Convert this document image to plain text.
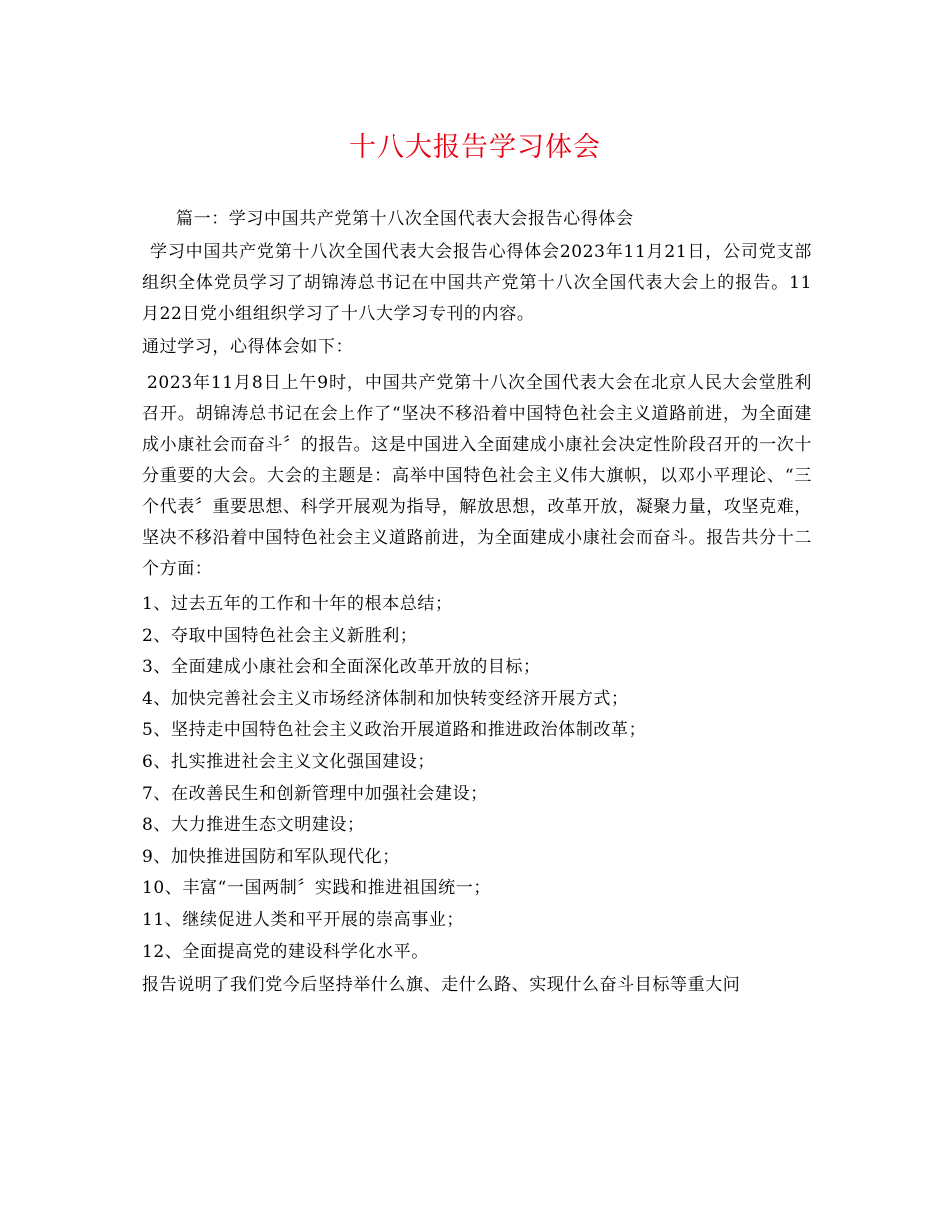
十八大报告学习体会

篇一：学习中国共产党第十八次全国代表大会报告心得体会

学习中国共产党第十八次全国代表大会报告心得体会2023年11月21日，公司党支部组织全体党员学习了胡锦涛总书记在中国共产党第十八次全国代表大会上的报告。11月22日党小组组织学习了十八大学习专刊的内容。

通过学习，心得体会如下：

2023年11月8日上午9时，中国共产党第十八次全国代表大会在北京人民大会堂胜利召开。胡锦涛总书记在会上作了“坚决不移沿着中国特色社会主义道路前进，为全面建成小康社会而奋斗〞的报告。这是中国进入全面建成小康社会决定性阶段召开的一次十分重要的大会。大会的主题是：高举中国特色社会主义伟大旗帜，以邓小平理论、“三个代表〞重要思想、科学开展观为指导，解放思想，改革开放，凝聚力量，攻坚克难，坚决不移沿着中国特色社会主义道路前进，为全面建成小康社会而奋斗。报告共分十二个方面：

1、过去五年的工作和十年的根本总结；
2、夺取中国特色社会主义新胜利；
3、全面建成小康社会和全面深化改革开放的目标；
4、加快完善社会主义市场经济体制和加快转变经济开展方式；
5、坚持走中国特色社会主义政治开展道路和推进政治体制改革；
6、扎实推进社会主义文化强国建设；
7、在改善民生和创新管理中加强社会建设；
8、大力推进生态文明建设；
9、加快推进国防和军队现代化；
10、丰富“一国两制〞实践和推进祖国统一；
11、继续促进人类和平开展的崇高事业；
12、全面提高党的建设科学化水平。

报告说明了我们党今后坚持举什么旗、走什么路、实现什么奋斗目标等重大问
